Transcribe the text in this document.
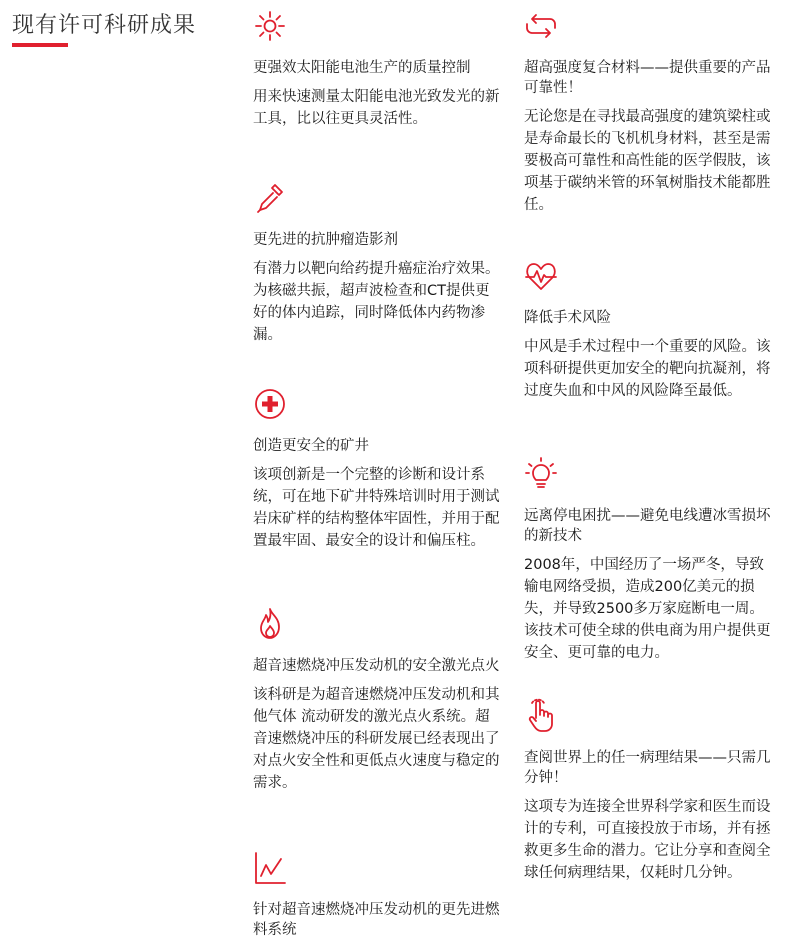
现有许可科研成果
更强效太阳能电池生产的质量控制
用来快速测量太阳能电池光致发光的新工具，比以往更具灵活性。
更先进的抗肿瘤造影剂
有潜力以靶向给药提升癌症治疗效果。为核磁共振，超声波检查和CT提供更好的体内追踪，同时降低体内药物渗漏。
创造更安全的矿井
该项创新是一个完整的诊断和设计系统，可在地下矿井特殊培训时用于测试岩床矿样的结构整体牢固性，并用于配置最牢固、最安全的设计和偏压柱。
超音速燃烧冲压发动机的安全激光点火
该科研是为超音速燃烧冲压发动机和其他气体 流动研发的激光点火系统。超音速燃烧冲压的科研发展已经表现出了对点火安全性和更低点火速度与稳定的需求。
针对超音速燃烧冲压发动机的更先进燃料系统
超高强度复合材料——提供重要的产品可靠性！
无论您是在寻找最高强度的建筑梁柱或是寿命最长的飞机机身材料，甚至是需要极高可靠性和高性能的医学假肢，该项基于碳纳米管的环氧树脂技术能都胜任。
降低手术风险
中风是手术过程中一个重要的风险。该项科研提供更加安全的靶向抗凝剂，将过度失血和中风的风险降至最低。
远离停电困扰——避免电线遭冰雪损坏的新技术
2008年，中国经历了一场严冬，导致输电网络受损，造成200亿美元的损失，并导致2500多万家庭断电一周。该技术可使全球的供电商为用户提供更安全、更可靠的电力。
查阅世界上的任一病理结果——只需几分钟！
这项专为连接全世界科学家和医生而设计的专利，可直接投放于市场，并有拯救更多生命的潜力。它让分享和查阅全球任何病理结果，仅耗时几分钟。
